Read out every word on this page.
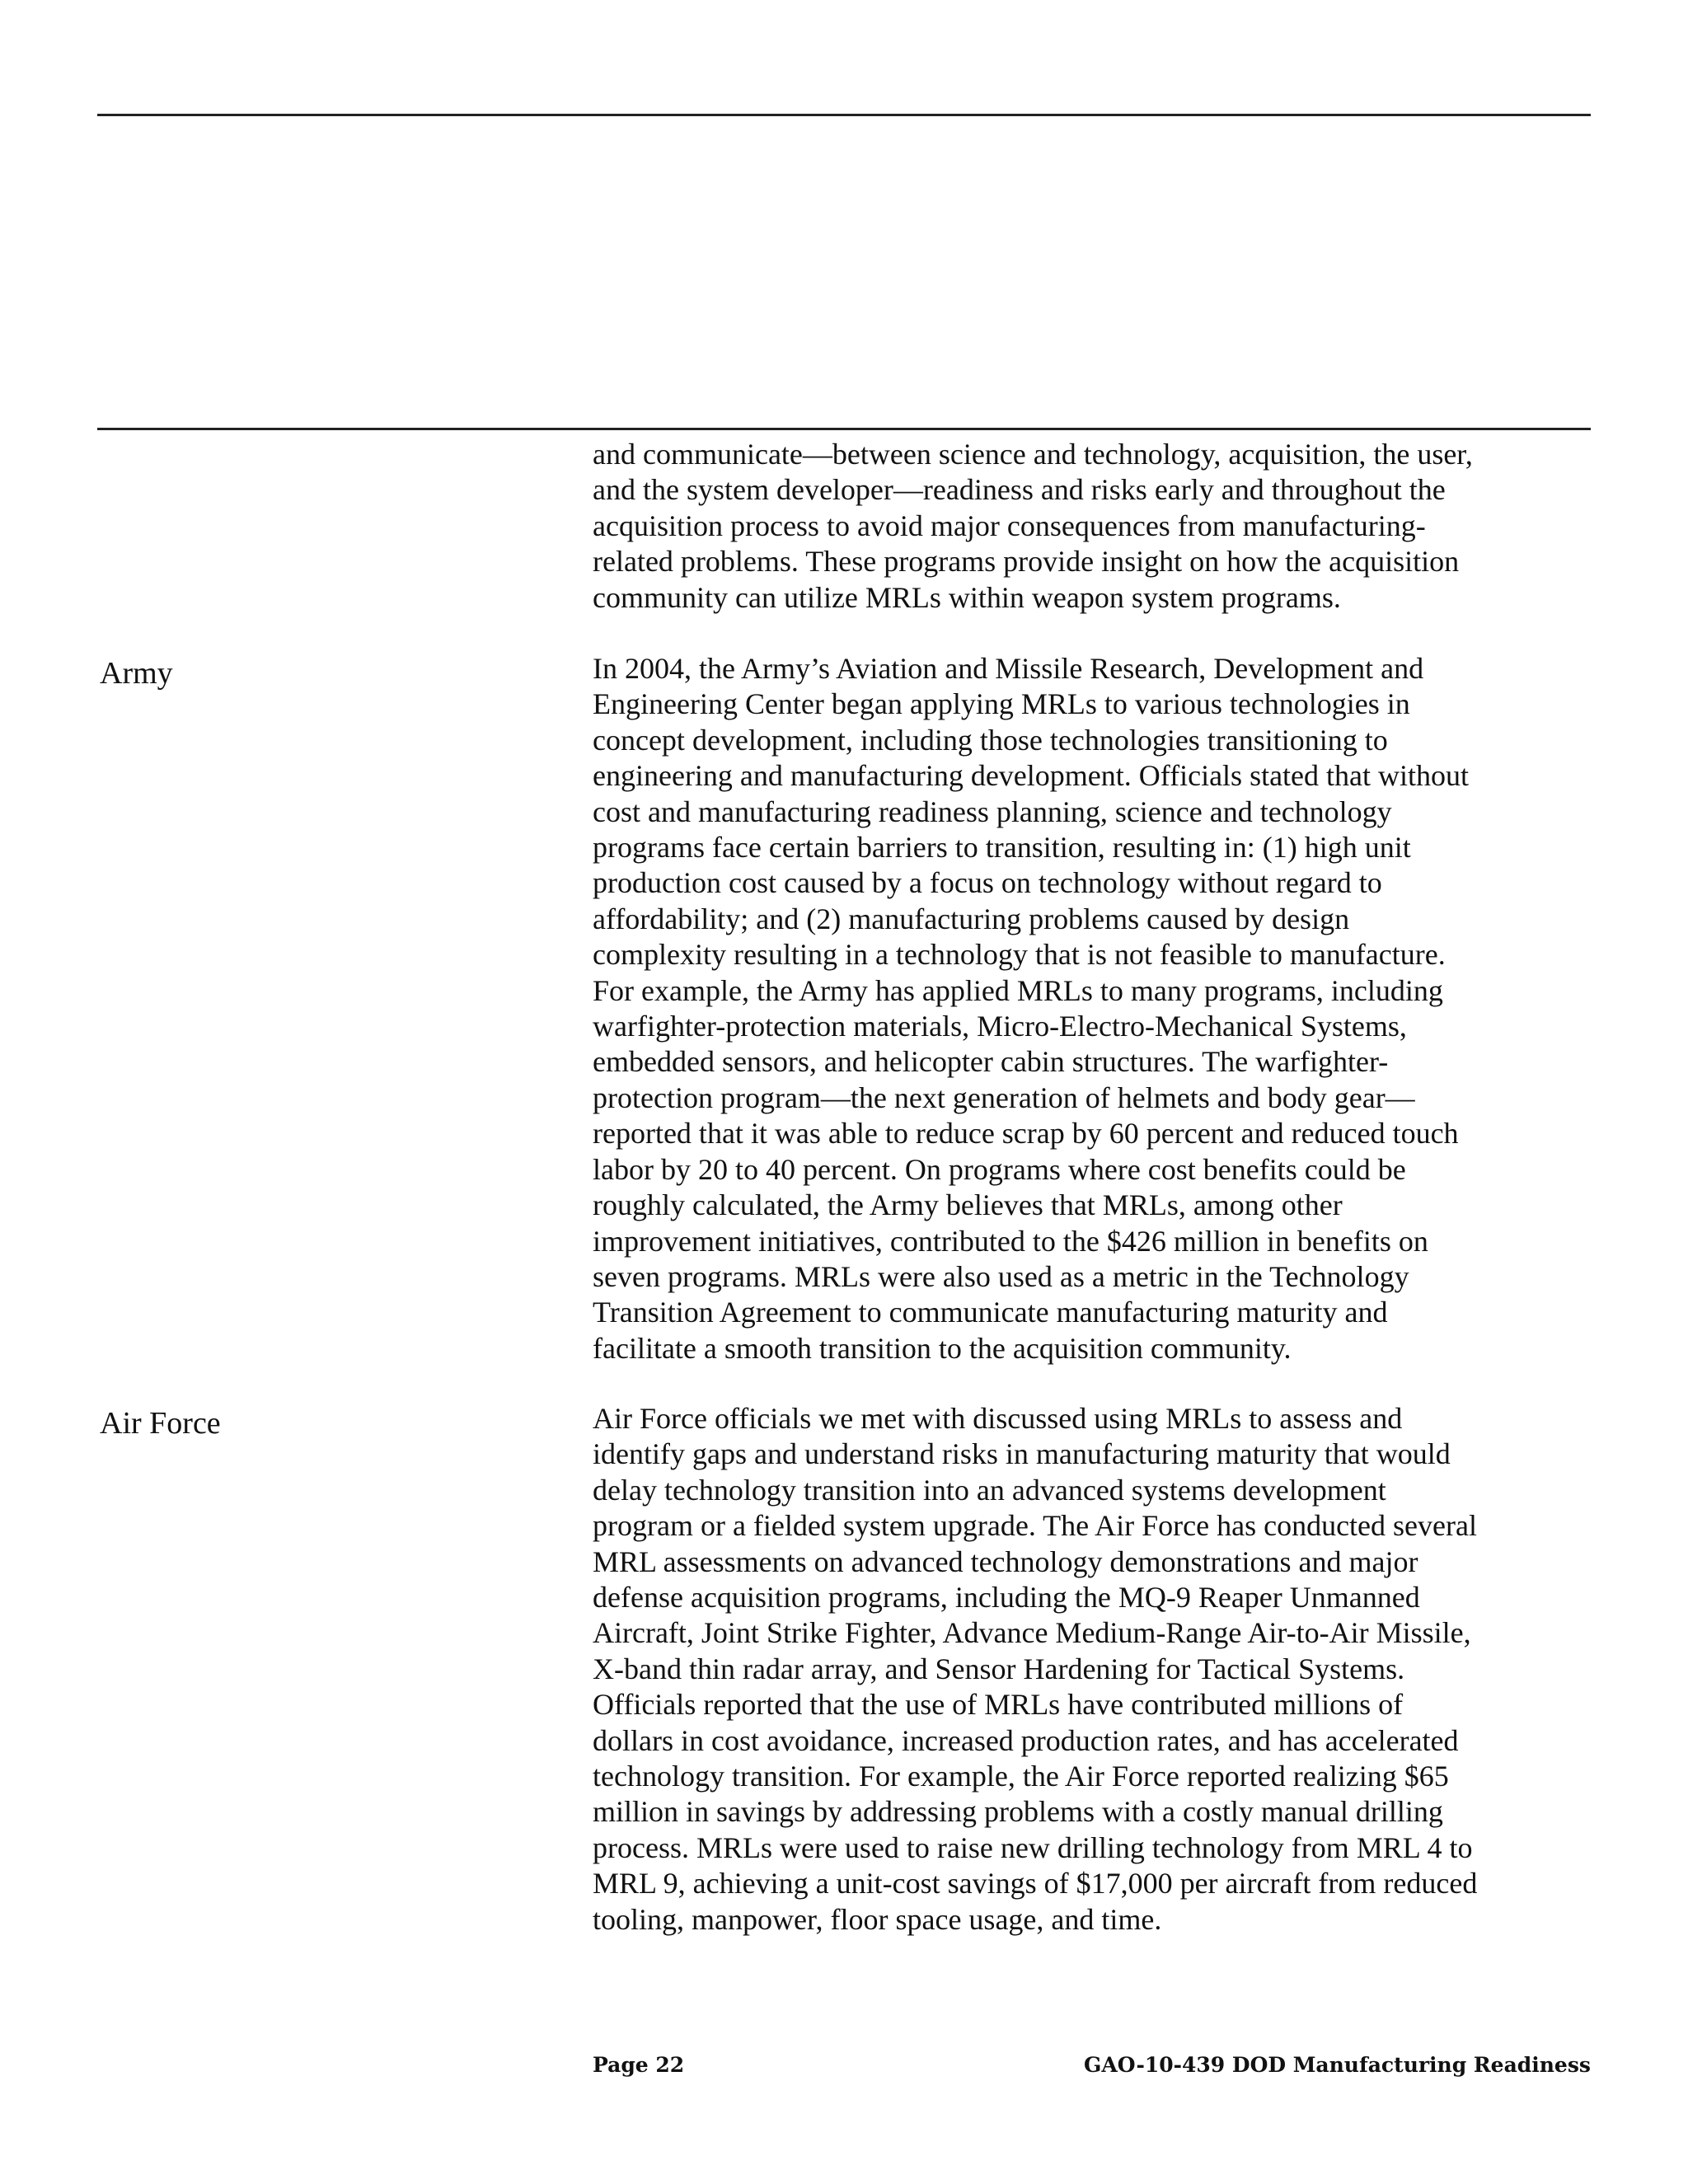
and communicate—between science and technology, acquisition, the user,
and the system developer—readiness and risks early and throughout the
acquisition process to avoid major consequences from manufacturing-
related problems. These programs provide insight on how the acquisition
community can utilize MRLs within weapon system programs.
Army	In 2004, the Army’s Aviation and Missile Research, Development and
Engineering Center began applying MRLs to various technologies in
concept development, including those technologies transitioning to
engineering and manufacturing development. Officials stated that without
cost and manufacturing readiness planning, science and technology
programs face certain barriers to transition, resulting in: (1) high unit
production cost caused by a focus on technology without regard to
affordability; and (2) manufacturing problems caused by design
complexity resulting in a technology that is not feasible to manufacture.
For example, the Army has applied MRLs to many programs, including
warfighter-protection materials, Micro-Electro-Mechanical Systems,
embedded sensors, and helicopter cabin structures. The warfighter-
protection program—the next generation of helmets and body gear—
reported that it was able to reduce scrap by 60 percent and reduced touch
labor by 20 to 40 percent. On programs where cost benefits could be
roughly calculated, the Army believes that MRLs, among other
improvement initiatives, contributed to the $426 million in benefits on
seven programs. MRLs were also used as a metric in the Technology
Transition Agreement to communicate manufacturing maturity and
facilitate a smooth transition to the acquisition community.
Air Force	Air Force officials we met with discussed using MRLs to assess and
identify gaps and understand risks in manufacturing maturity that would
delay technology transition into an advanced systems development
program or a fielded system upgrade. The Air Force has conducted several
MRL assessments on advanced technology demonstrations and major
defense acquisition programs, including the MQ-9 Reaper Unmanned
Aircraft, Joint Strike Fighter, Advance Medium-Range Air-to-Air Missile,
X-band thin radar array, and Sensor Hardening for Tactical Systems.
Officials reported that the use of MRLs have contributed millions of
dollars in cost avoidance, increased production rates, and has accelerated
technology transition. For example, the Air Force reported realizing $65
million in savings by addressing problems with a costly manual drilling
process. MRLs were used to raise new drilling technology from MRL 4 to
MRL 9, achieving a unit-cost savings of $17,000 per aircraft from reduced
tooling, manpower, floor space usage, and time.
Page 22	GAO-10-439 DOD Manufacturing Readiness
